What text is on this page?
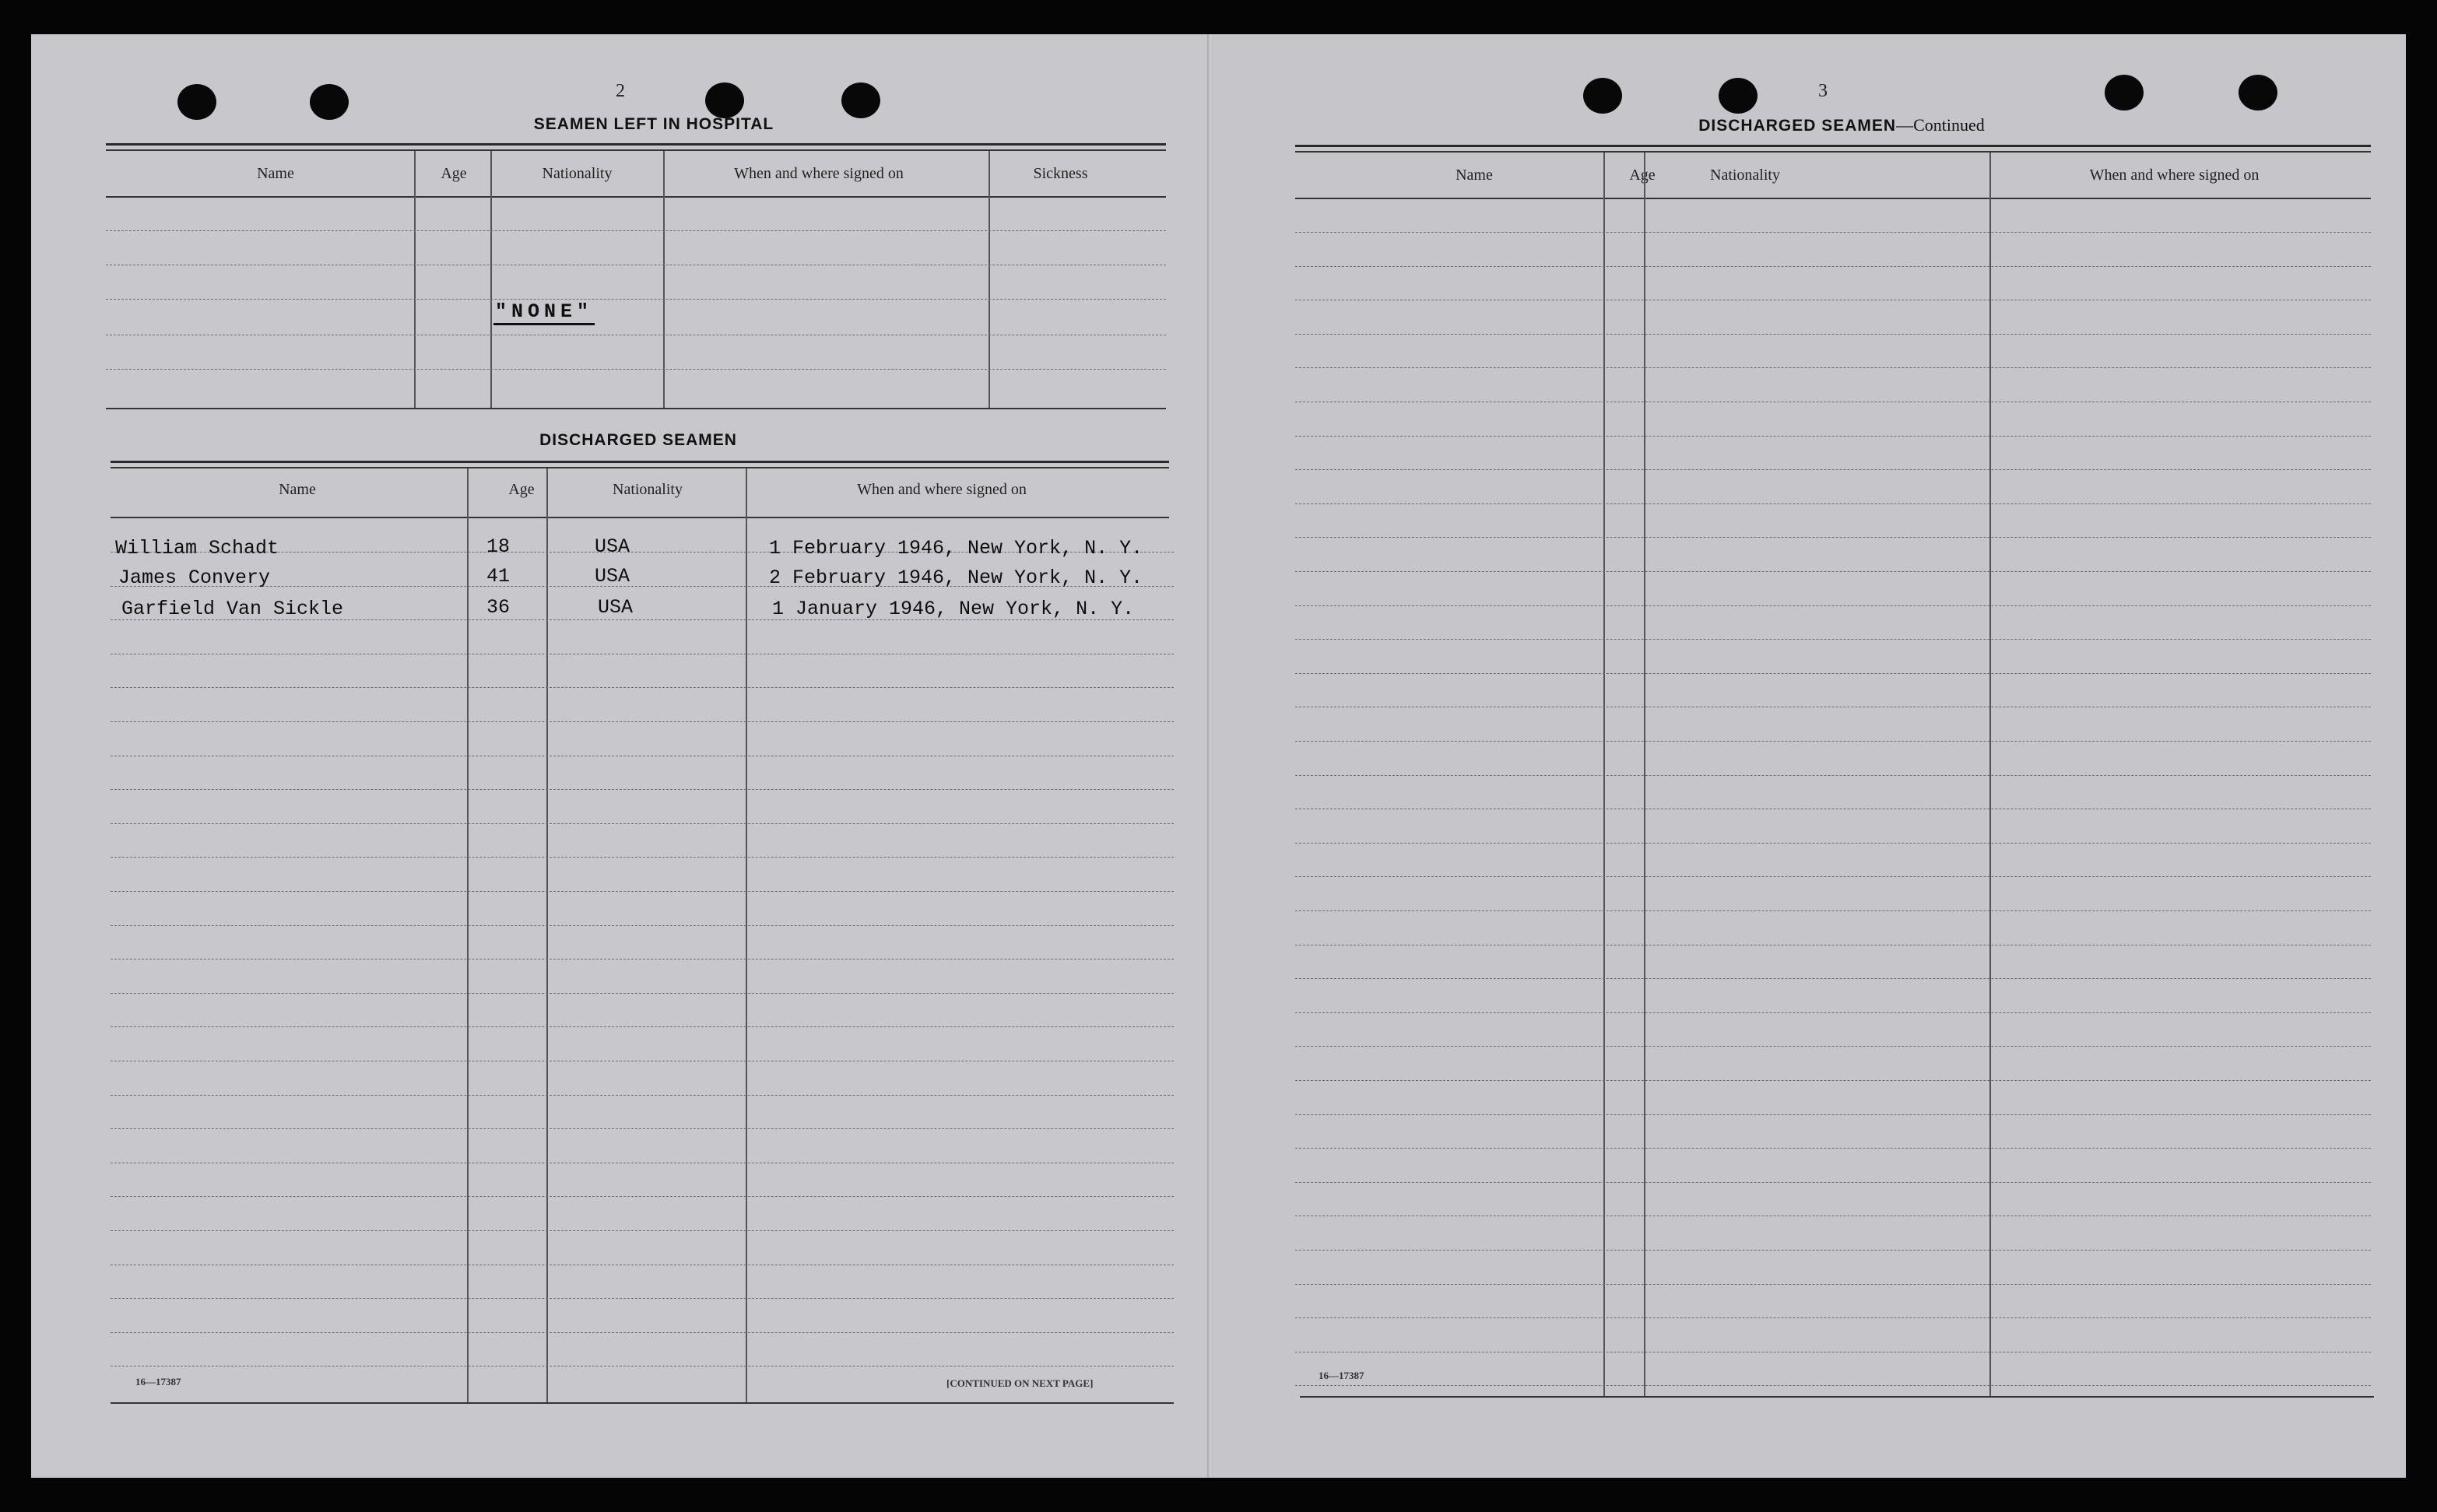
2
SEAMEN LEFT IN HOSPITAL
Name	Age	Nationality	When and where signed on	Sickness
"NONE"
DISCHARGED SEAMEN
Name	Age	Nationality	When and where signed on
William Schadt	18	USA	1 February 1946, New York, N. Y.
James Convery	41	USA	2 February 1946, New York, N. Y.
Garfield Van Sickle	36	USA	1 January 1946, New York, N. Y.
16—17387	[CONTINUED ON NEXT PAGE]
3
DISCHARGED SEAMEN—Continued
Name	Age	Nationality	When and where signed on
16—17387
